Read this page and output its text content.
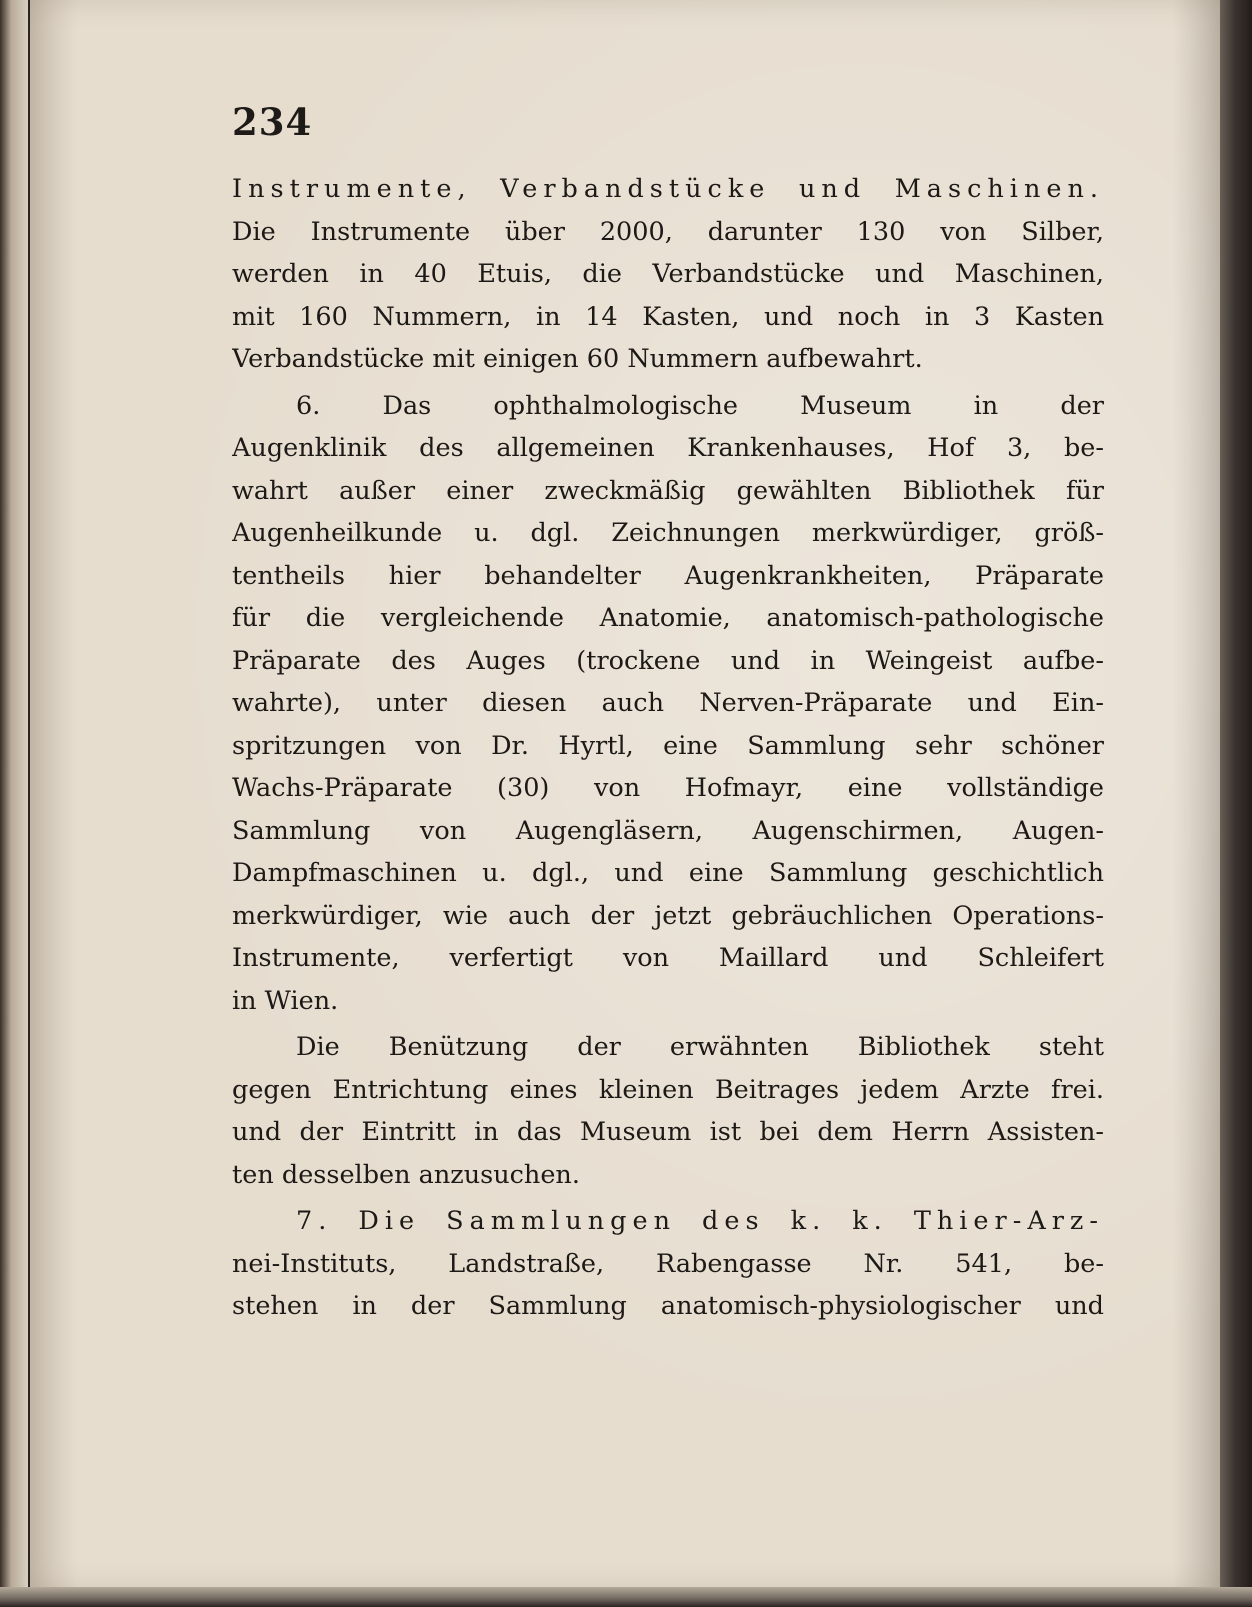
234
Instrumente, Verbandstücke und Maschinen.
Die Instrumente über 2000, darunter 130 von Silber,
werden in 40 Etuis, die Verbandstücke und Maschinen,
mit 160 Nummern, in 14 Kasten, und noch in 3 Kasten
Verbandstücke mit einigen 60 Nummern aufbewahrt.
6. Das ophthalmologische Museum in der
Augenklinik des allgemeinen Krankenhauses, Hof 3, be-
wahrt außer einer zweckmäßig gewählten Bibliothek für
Augenheilkunde u. dgl. Zeichnungen merkwürdiger, größ-
tentheils hier behandelter Augenkrankheiten, Präparate
für die vergleichende Anatomie, anatomisch-pathologische
Präparate des Auges (trockene und in Weingeist aufbe-
wahrte), unter diesen auch Nerven-Präparate und Ein-
spritzungen von Dr. Hyrtl, eine Sammlung sehr schöner
Wachs-Präparate (30) von Hofmayr, eine vollständige
Sammlung von Augengläsern, Augenschirmen, Augen-
Dampfmaschinen u. dgl., und eine Sammlung geschichtlich
merkwürdiger, wie auch der jetzt gebräuchlichen Operations-
Instrumente, verfertigt von Maillard und Schleifert
in Wien.
Die Benützung der erwähnten Bibliothek steht
gegen Entrichtung eines kleinen Beitrages jedem Arzte frei.
und der Eintritt in das Museum ist bei dem Herrn Assisten-
ten desselben anzusuchen.
7. Die Sammlungen des k. k. Thier-Arz-
nei-Instituts, Landstraße, Rabengasse Nr. 541, be-
stehen in der Sammlung anatomisch-physiologischer und
